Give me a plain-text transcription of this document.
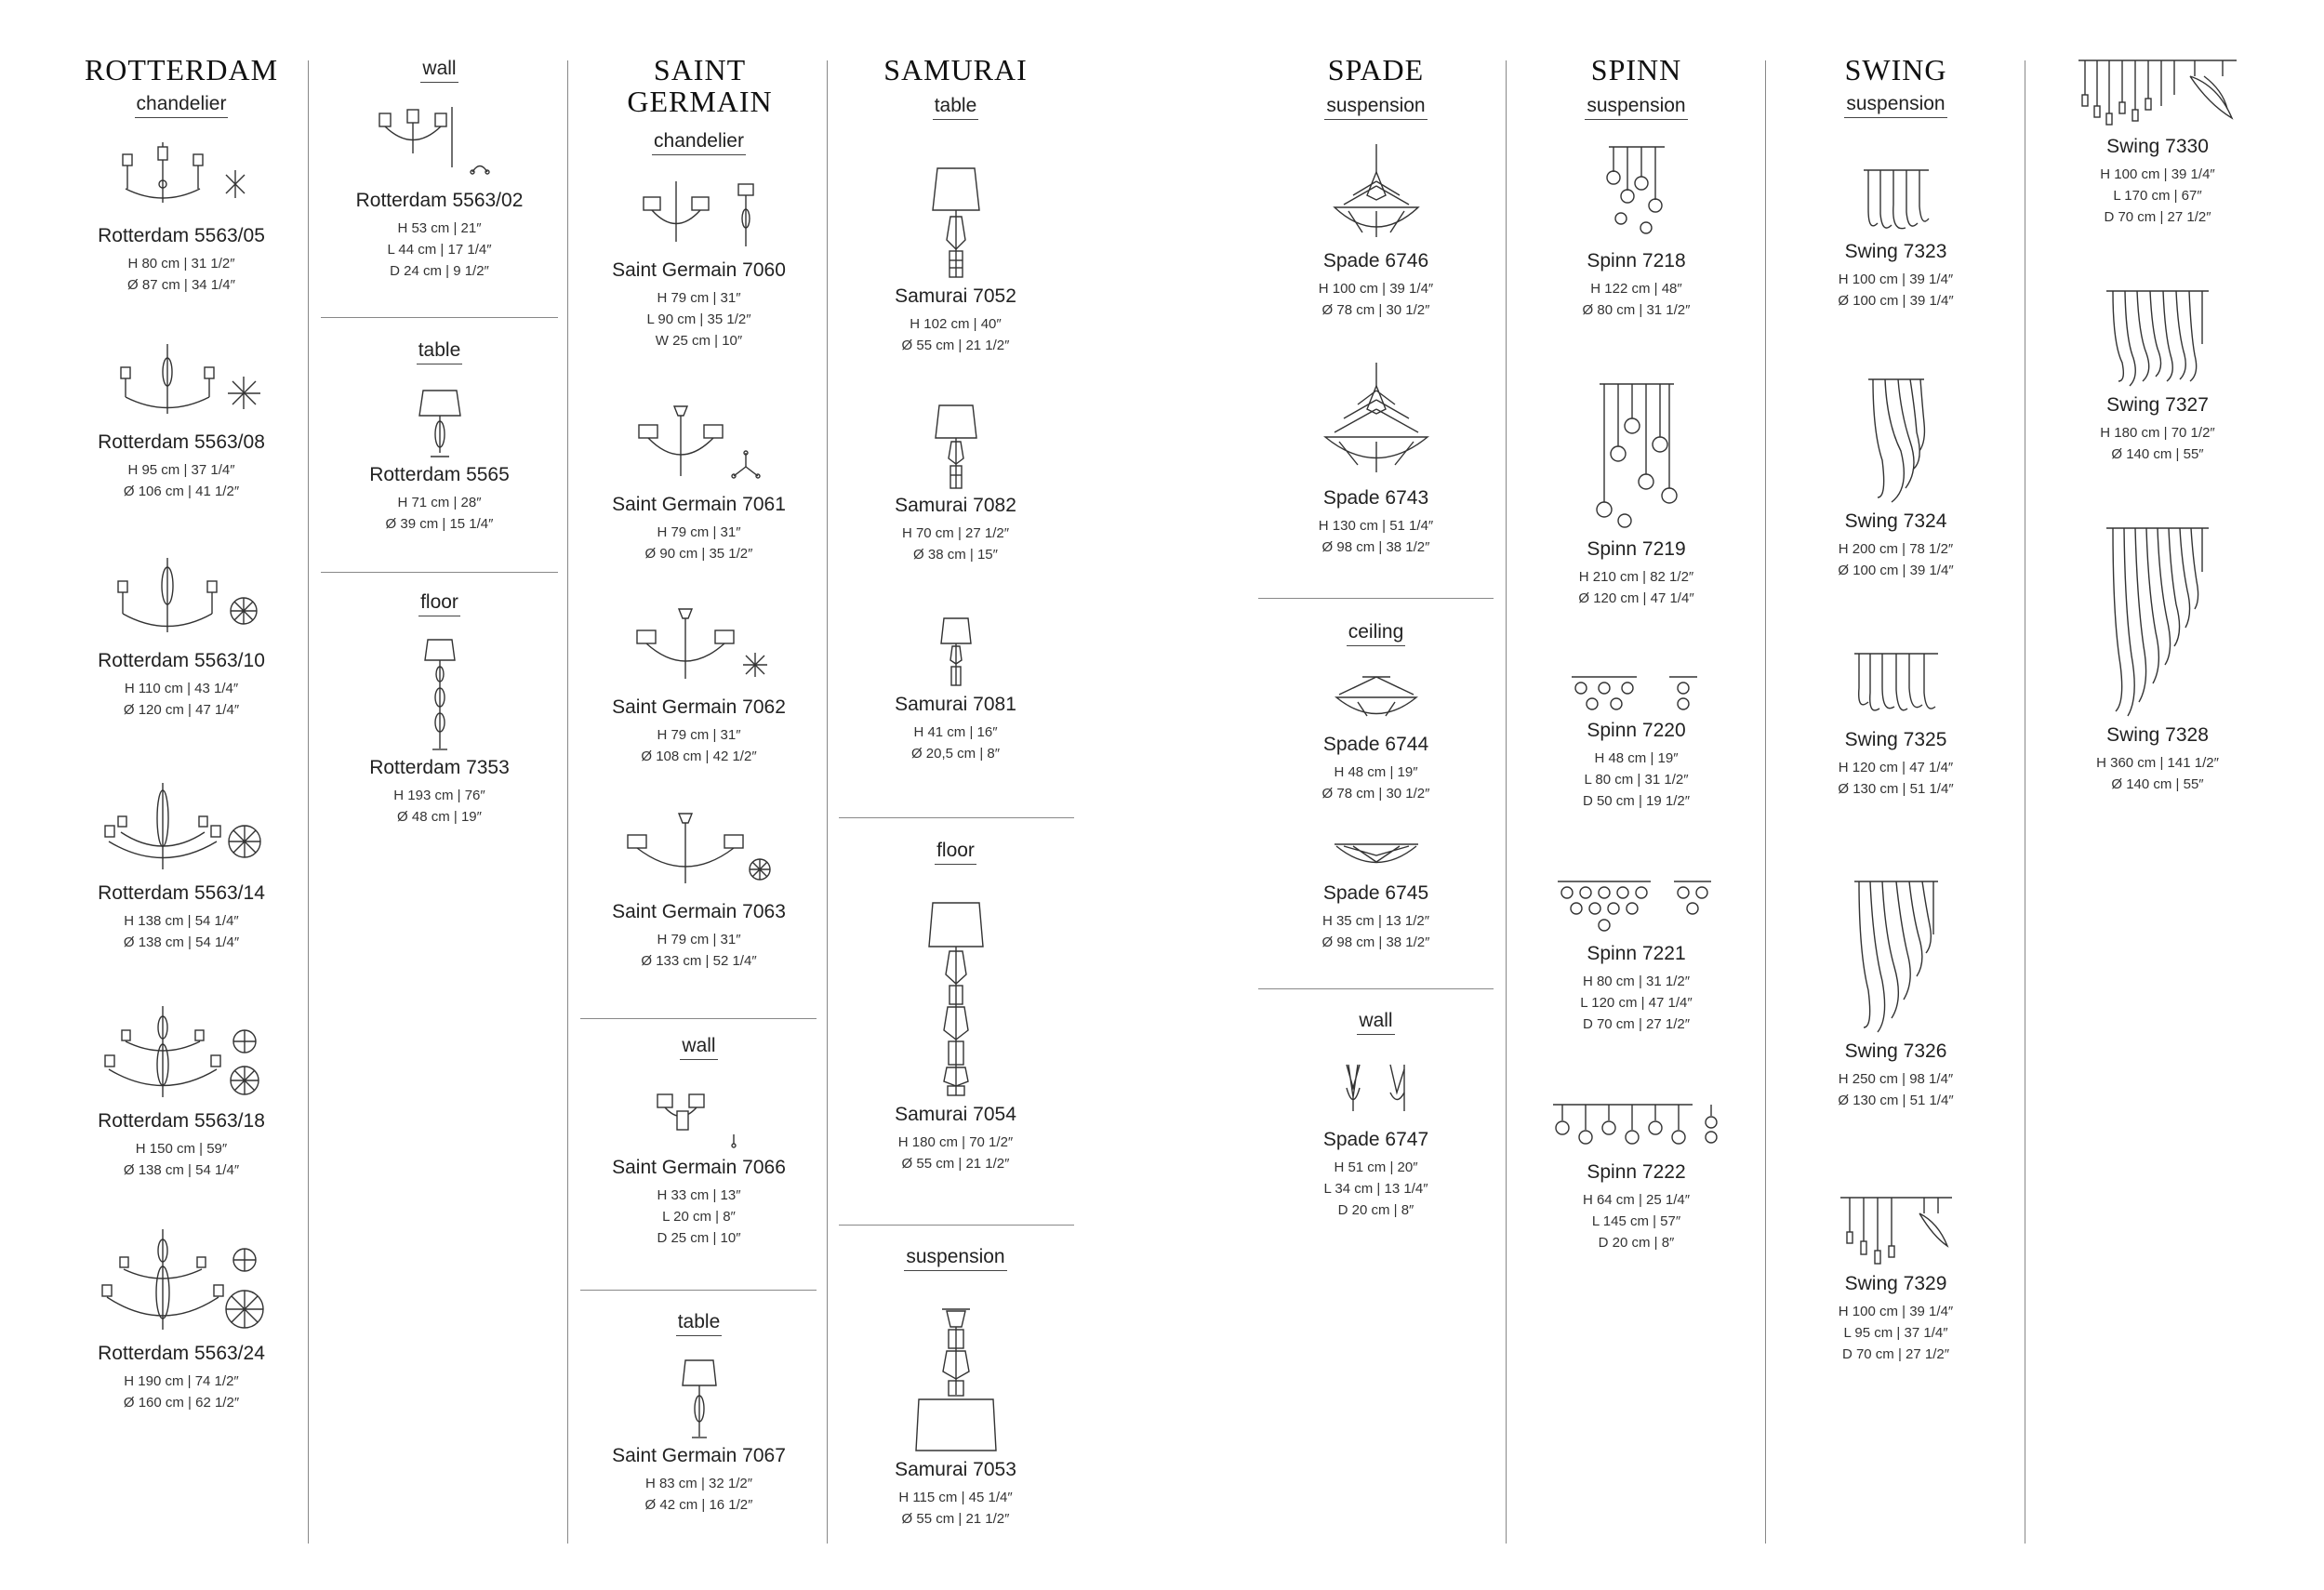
ROTTERDAM
chandelier
Rotterdam 5563/05
H 80 cm | 31 1/2″
Ø 87 cm | 34 1/4″
Rotterdam 5563/08
H 95 cm | 37 1/4″
Ø 106 cm | 41 1/2″
Rotterdam 5563/10
H 110 cm | 43 1/4″
Ø 120 cm | 47 1/4″
Rotterdam 5563/14
H 138 cm | 54 1/4″
Ø 138 cm | 54 1/4″
Rotterdam 5563/18
H 150 cm | 59″
Ø 138 cm | 54 1/4″
Rotterdam 5563/24
H 190 cm | 74 1/2″
Ø 160 cm | 62 1/2″
wall
Rotterdam 5563/02
H 53 cm | 21″
L 44 cm | 17 1/4″
D 24 cm | 9 1/2″
table
Rotterdam 5565
H 71 cm | 28″
Ø 39 cm | 15 1/4″
floor
Rotterdam 7353
H 193 cm | 76″
Ø 48 cm | 19″
SAINT GERMAIN
chandelier
Saint Germain 7060
H 79 cm | 31″
L 90 cm | 35 1/2″
W 25 cm | 10″
Saint Germain 7061
H 79 cm | 31″
Ø 90 cm | 35 1/2″
Saint Germain 7062
H 79 cm | 31″
Ø 108 cm | 42 1/2″
Saint Germain 7063
H 79 cm | 31″
Ø 133 cm | 52 1/4″
wall
Saint Germain 7066
H 33 cm | 13″
L 20 cm | 8″
D 25 cm | 10″
table
Saint Germain 7067
H 83 cm | 32 1/2″
Ø 42 cm | 16 1/2″
SAMURAI
table
Samurai 7052
H 102 cm | 40″
Ø 55 cm | 21 1/2″
Samurai 7082
H 70 cm | 27 1/2″
Ø 38 cm | 15″
Samurai 7081
H 41 cm | 16″
Ø 20,5 cm | 8″
floor
Samurai 7054
H 180 cm | 70 1/2″
Ø 55 cm | 21 1/2″
suspension
Samurai 7053
H 115 cm | 45 1/4″
Ø 55 cm | 21 1/2″
SPADE
suspension
Spade 6746
H 100 cm | 39 1/4″
Ø 78 cm | 30 1/2″
Spade 6743
H 130 cm | 51 1/4″
Ø 98 cm | 38 1/2″
ceiling
Spade 6744
H 48 cm | 19″
Ø 78 cm | 30 1/2″
Spade 6745
H 35 cm | 13 1/2″
Ø 98 cm | 38 1/2″
wall
Spade 6747
H 51 cm | 20″
L 34 cm | 13 1/4″
D 20 cm | 8″
SPINN
suspension
Spinn 7218
H 122 cm | 48″
Ø 80 cm | 31 1/2″
Spinn 7219
H 210 cm | 82 1/2″
Ø 120 cm | 47 1/4″
Spinn 7220
H 48 cm | 19″
L 80 cm | 31 1/2″
D 50 cm | 19 1/2″
Spinn 7221
H 80 cm | 31 1/2″
L 120 cm | 47 1/4″
D 70 cm | 27 1/2″
Spinn 7222
H 64 cm | 25 1/4″
L 145 cm | 57″
D 20 cm | 8″
SWING
suspension
Swing 7323
H 100 cm | 39 1/4″
Ø 100 cm | 39 1/4″
Swing 7324
H 200 cm | 78 1/2″
Ø 100 cm | 39 1/4″
Swing 7325
H 120 cm | 47 1/4″
Ø 130 cm | 51 1/4″
Swing 7326
H 250 cm | 98 1/4″
Ø 130 cm | 51 1/4″
Swing 7329
H 100 cm | 39 1/4″
L 95 cm | 37 1/4″
D 70 cm | 27 1/2″
Swing 7330
H 100 cm | 39 1/4″
L 170 cm | 67″
D 70 cm | 27 1/2″
Swing 7327
H 180 cm | 70 1/2″
Ø 140 cm | 55″
Swing 7328
H 360 cm | 141 1/2″
Ø 140 cm | 55″
